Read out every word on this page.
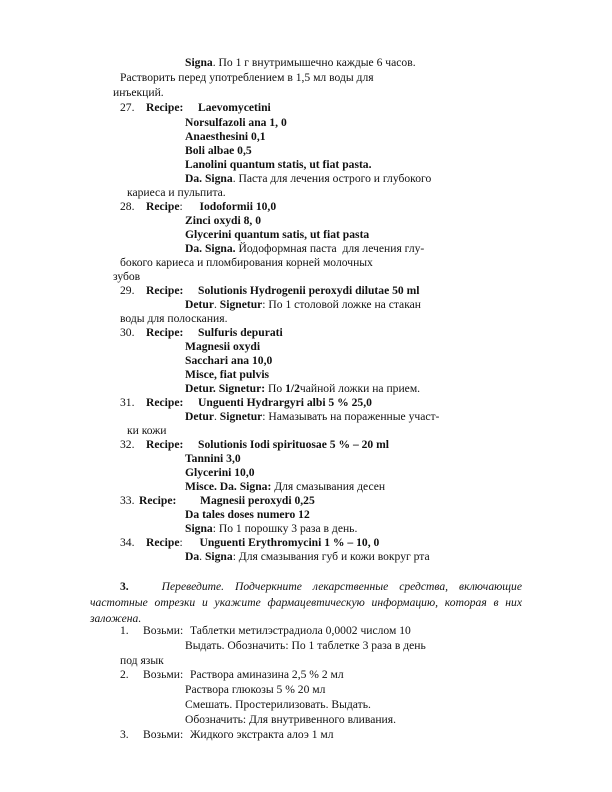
Signa . По 1 г внутримышечно каждые 6 часов.
Растворить перед употреблением в 1,5 мл воды для
инъекций.
27. Recipe:	Laevomycetini
Norsulfazoli ana 1, 0
Anaesthesini 0,1
Boli albae 0,5
Lanolini quantum statis, ut fiat pasta.
Da. Signa . Паста для лечения острого и глубокого
кариеса и пульпита.
28. Recipe :	Iodoformii 10,0
Zinci oxydi 8, 0
Glycerini quantum satis, ut fiat pasta
Da. Signa. Йодоформная паста  для лечения глу-
бокого кариеса и пломбирования корней молочных
зубов
29. Recipe:	Solutionis Hydrogenii peroxydi dilutae 50 ml
Detur . Signetur : По 1 столовой ложке на стакан
воды для полоскания.
30. Recipe:	Sulfuris depurati
Magnesii oxydi
Sacchari ana 10,0
Misce, fiat pulvis
Detur. Signetur: По 1/2 чайной ложки на прием.
31. Recipe:	Unguenti Hydrargyri albi 5 % 25,0
Detur . Signetur : Намазывать на пораженные участ-
ки кожи
32. Recipe:	Solutionis Iodi spirituosae 5 % – 20 ml
Tannini 3,0
Glycerini 10,0
Misce. Da. Signa: Для смазывания десен
33. Recipe:	Magnesii peroxydi 0,25
Da tales doses numero 12
Signa : По 1 порошку 3 раза в день.
34. Recipe :	Unguenti Erythromycini 1 % – 10, 0
Da . Signa : Для смазывания губ и кожи вокруг рта
3.	Переведите. Подчеркните лекарственные средства, включающие частотные отрезки и укажите фармацевтическую информацию, которая в них заложена.
1.	Возьми: Таблетки метилэстрадиола 0,0002 числом 10
Выдать. Обозначить: По 1 таблетке 3 раза в день
под язык
2.	Возьми: Раствора аминазина 2,5 % 2 мл
Раствора глюкозы 5 % 20 мл
Смешать. Простерилизовать. Выдать.
Обозначить: Для внутривенного вливания.
3.	Возьми: Жидкого экстракта алоэ 1 мл
